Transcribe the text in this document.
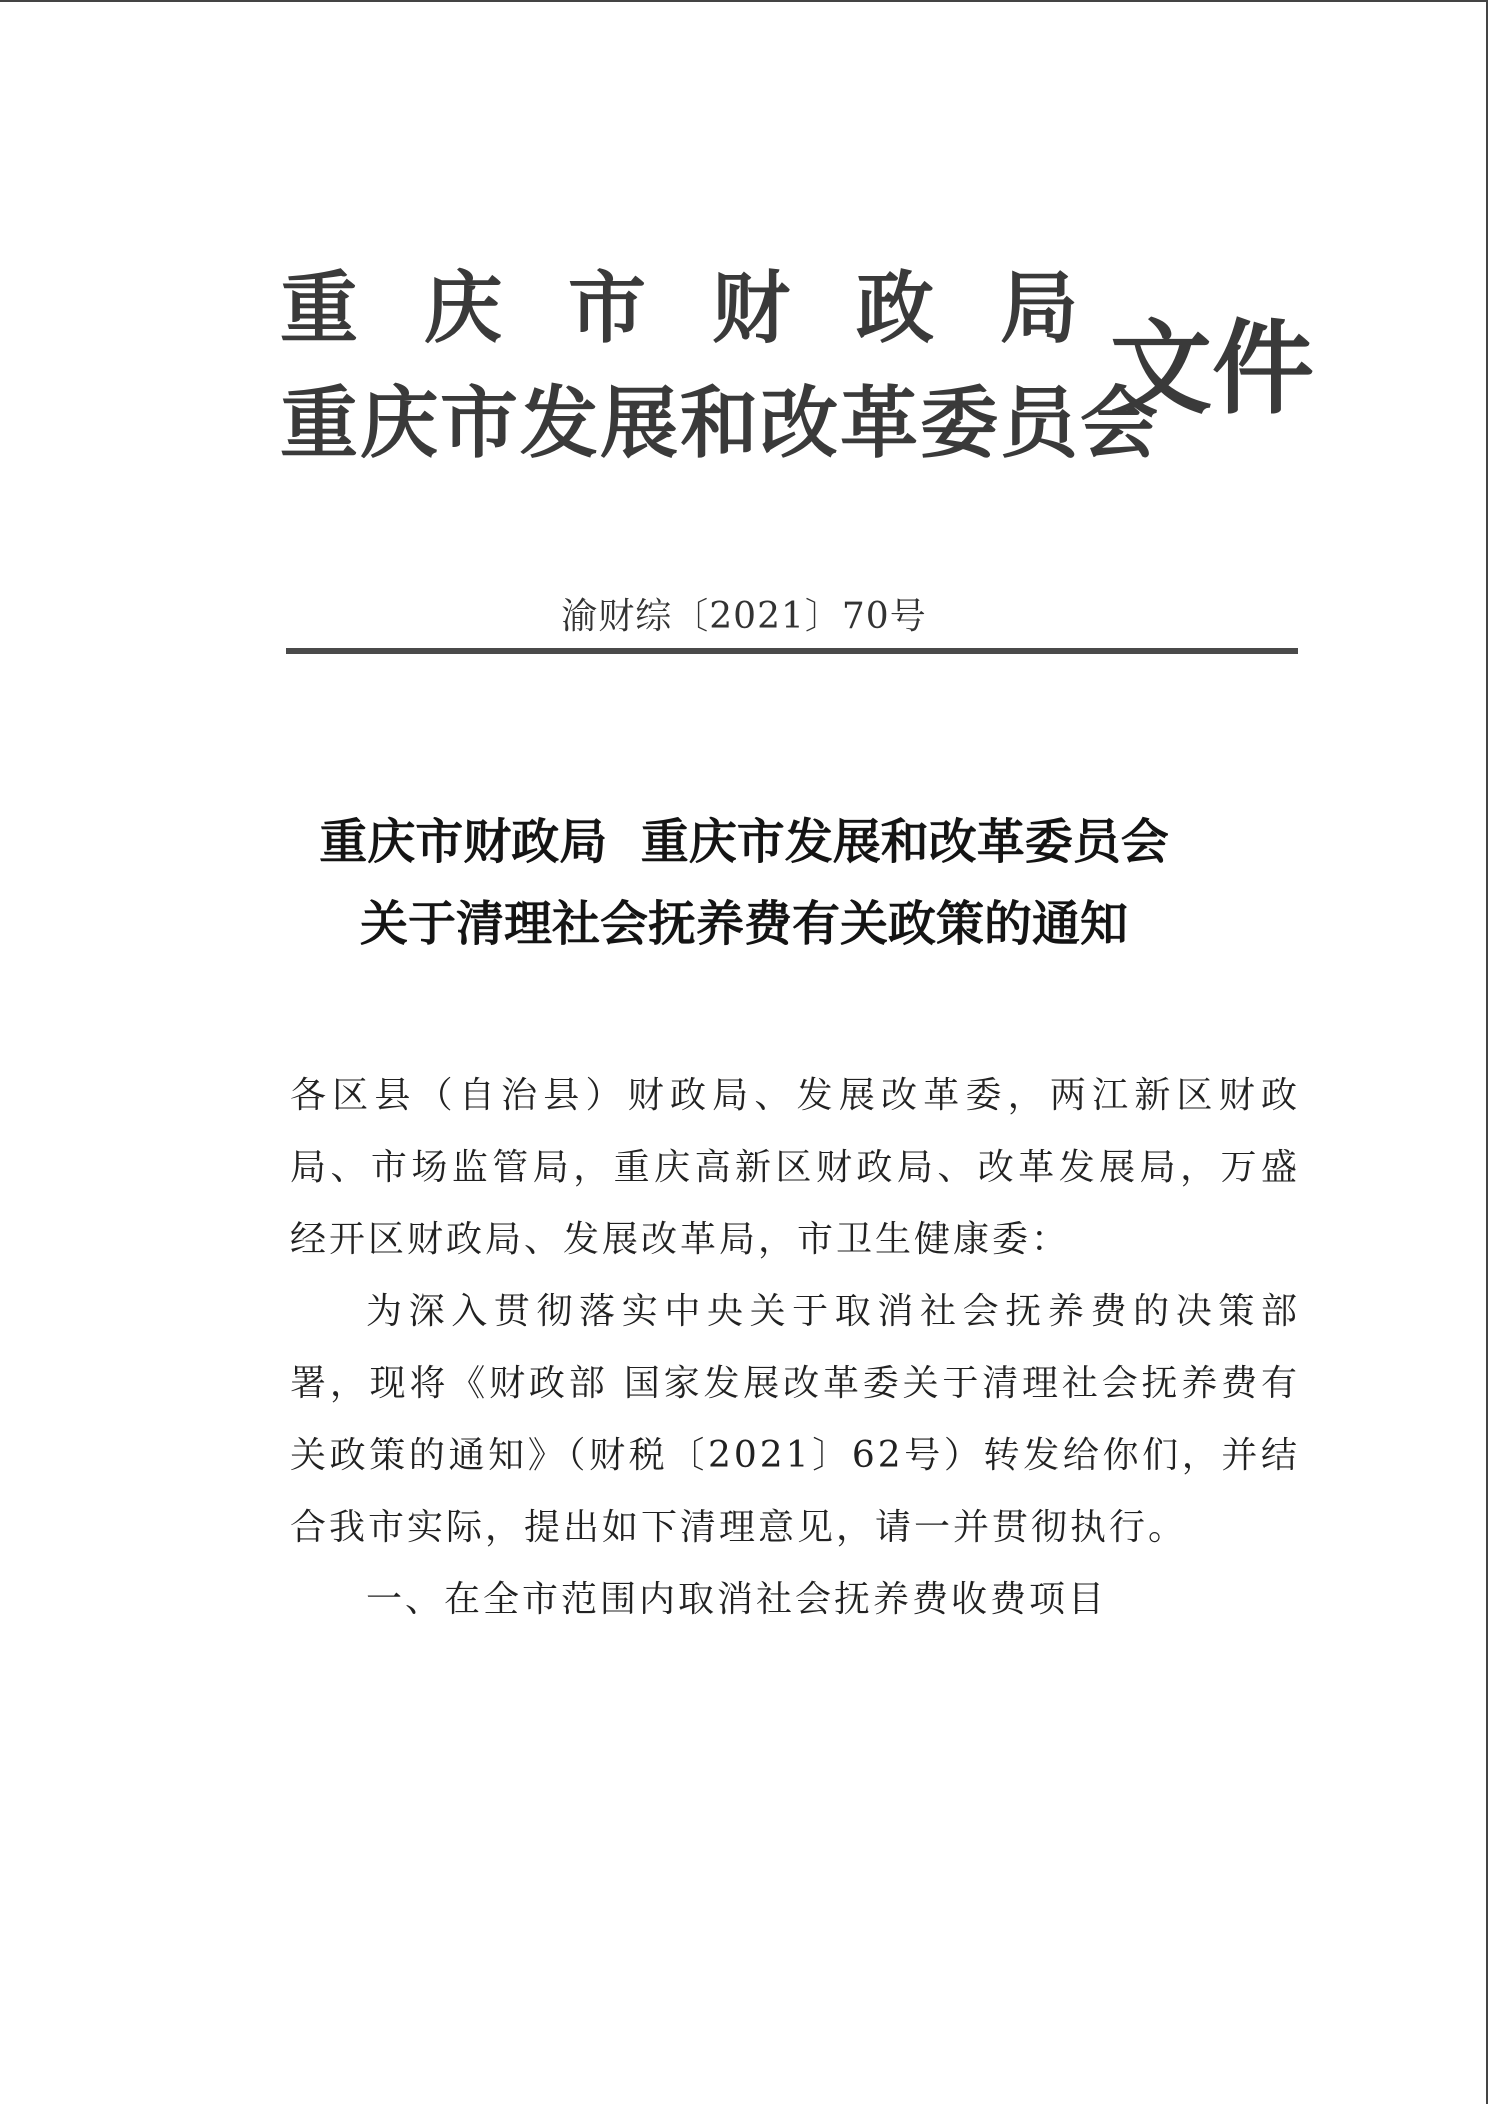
重庆市财政局
重庆市发展和改革委员会
文件
渝财综〔2021〕70号
重庆市财政局  重庆市发展和改革委员会
关于清理社会抚养费有关政策的通知

各区县（自治县）财政局、发展改革委，两江新区财政局、市场监管局，重庆高新区财政局、改革发展局，万盛经开区财政局、发展改革局，市卫生健康委：

为深入贯彻落实中央关于取消社会抚养费的决策部署，现将《财政部 国家发展改革委关于清理社会抚养费有关政策的通知》（财税〔2021〕62号）转发给你们，并结合我市实际，提出如下清理意见，请一并贯彻执行。

一、在全市范围内取消社会抚养费收费项目
